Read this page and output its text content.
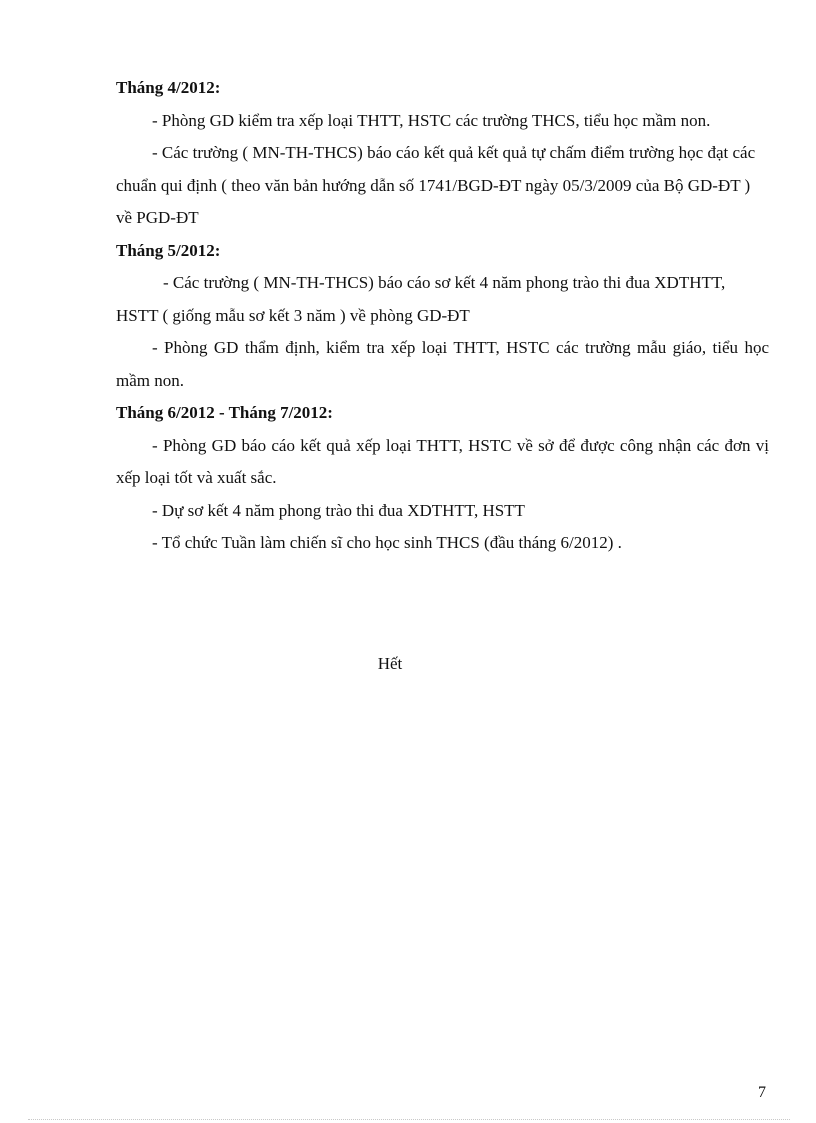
Tháng 4/2012:

- Phòng GD kiểm tra xếp loại THTT, HSTC các trường THCS, tiểu học mầm non.

- Các trường ( MN-TH-THCS) báo cáo kết quả kết quả tự chấm điểm trường học đạt các chuẩn qui định ( theo văn bản hướng dẫn số 1741/BGD-ĐT ngày 05/3/2009 của Bộ GD-ĐT ) về PGD-ĐT

Tháng 5/2012:

- Các trường ( MN-TH-THCS) báo cáo sơ kết 4 năm phong trào thi đua XDTHTT, HSTT ( giống mẫu sơ kết 3 năm ) về phòng GD-ĐT

- Phòng GD thẩm định, kiểm tra xếp loại THTT, HSTC các trường mẫu giáo, tiểu học mầm non.

Tháng 6/2012 - Tháng 7/2012:

- Phòng GD báo cáo kết quả xếp loại THTT, HSTC về sở để được công nhận các đơn vị xếp loại tốt và xuất sắc.

- Dự sơ kết 4 năm phong trào thi đua XDTHTT, HSTT

- Tổ chức Tuần làm chiến sĩ cho học sinh THCS (đầu tháng 6/2012) .

Hết
7
